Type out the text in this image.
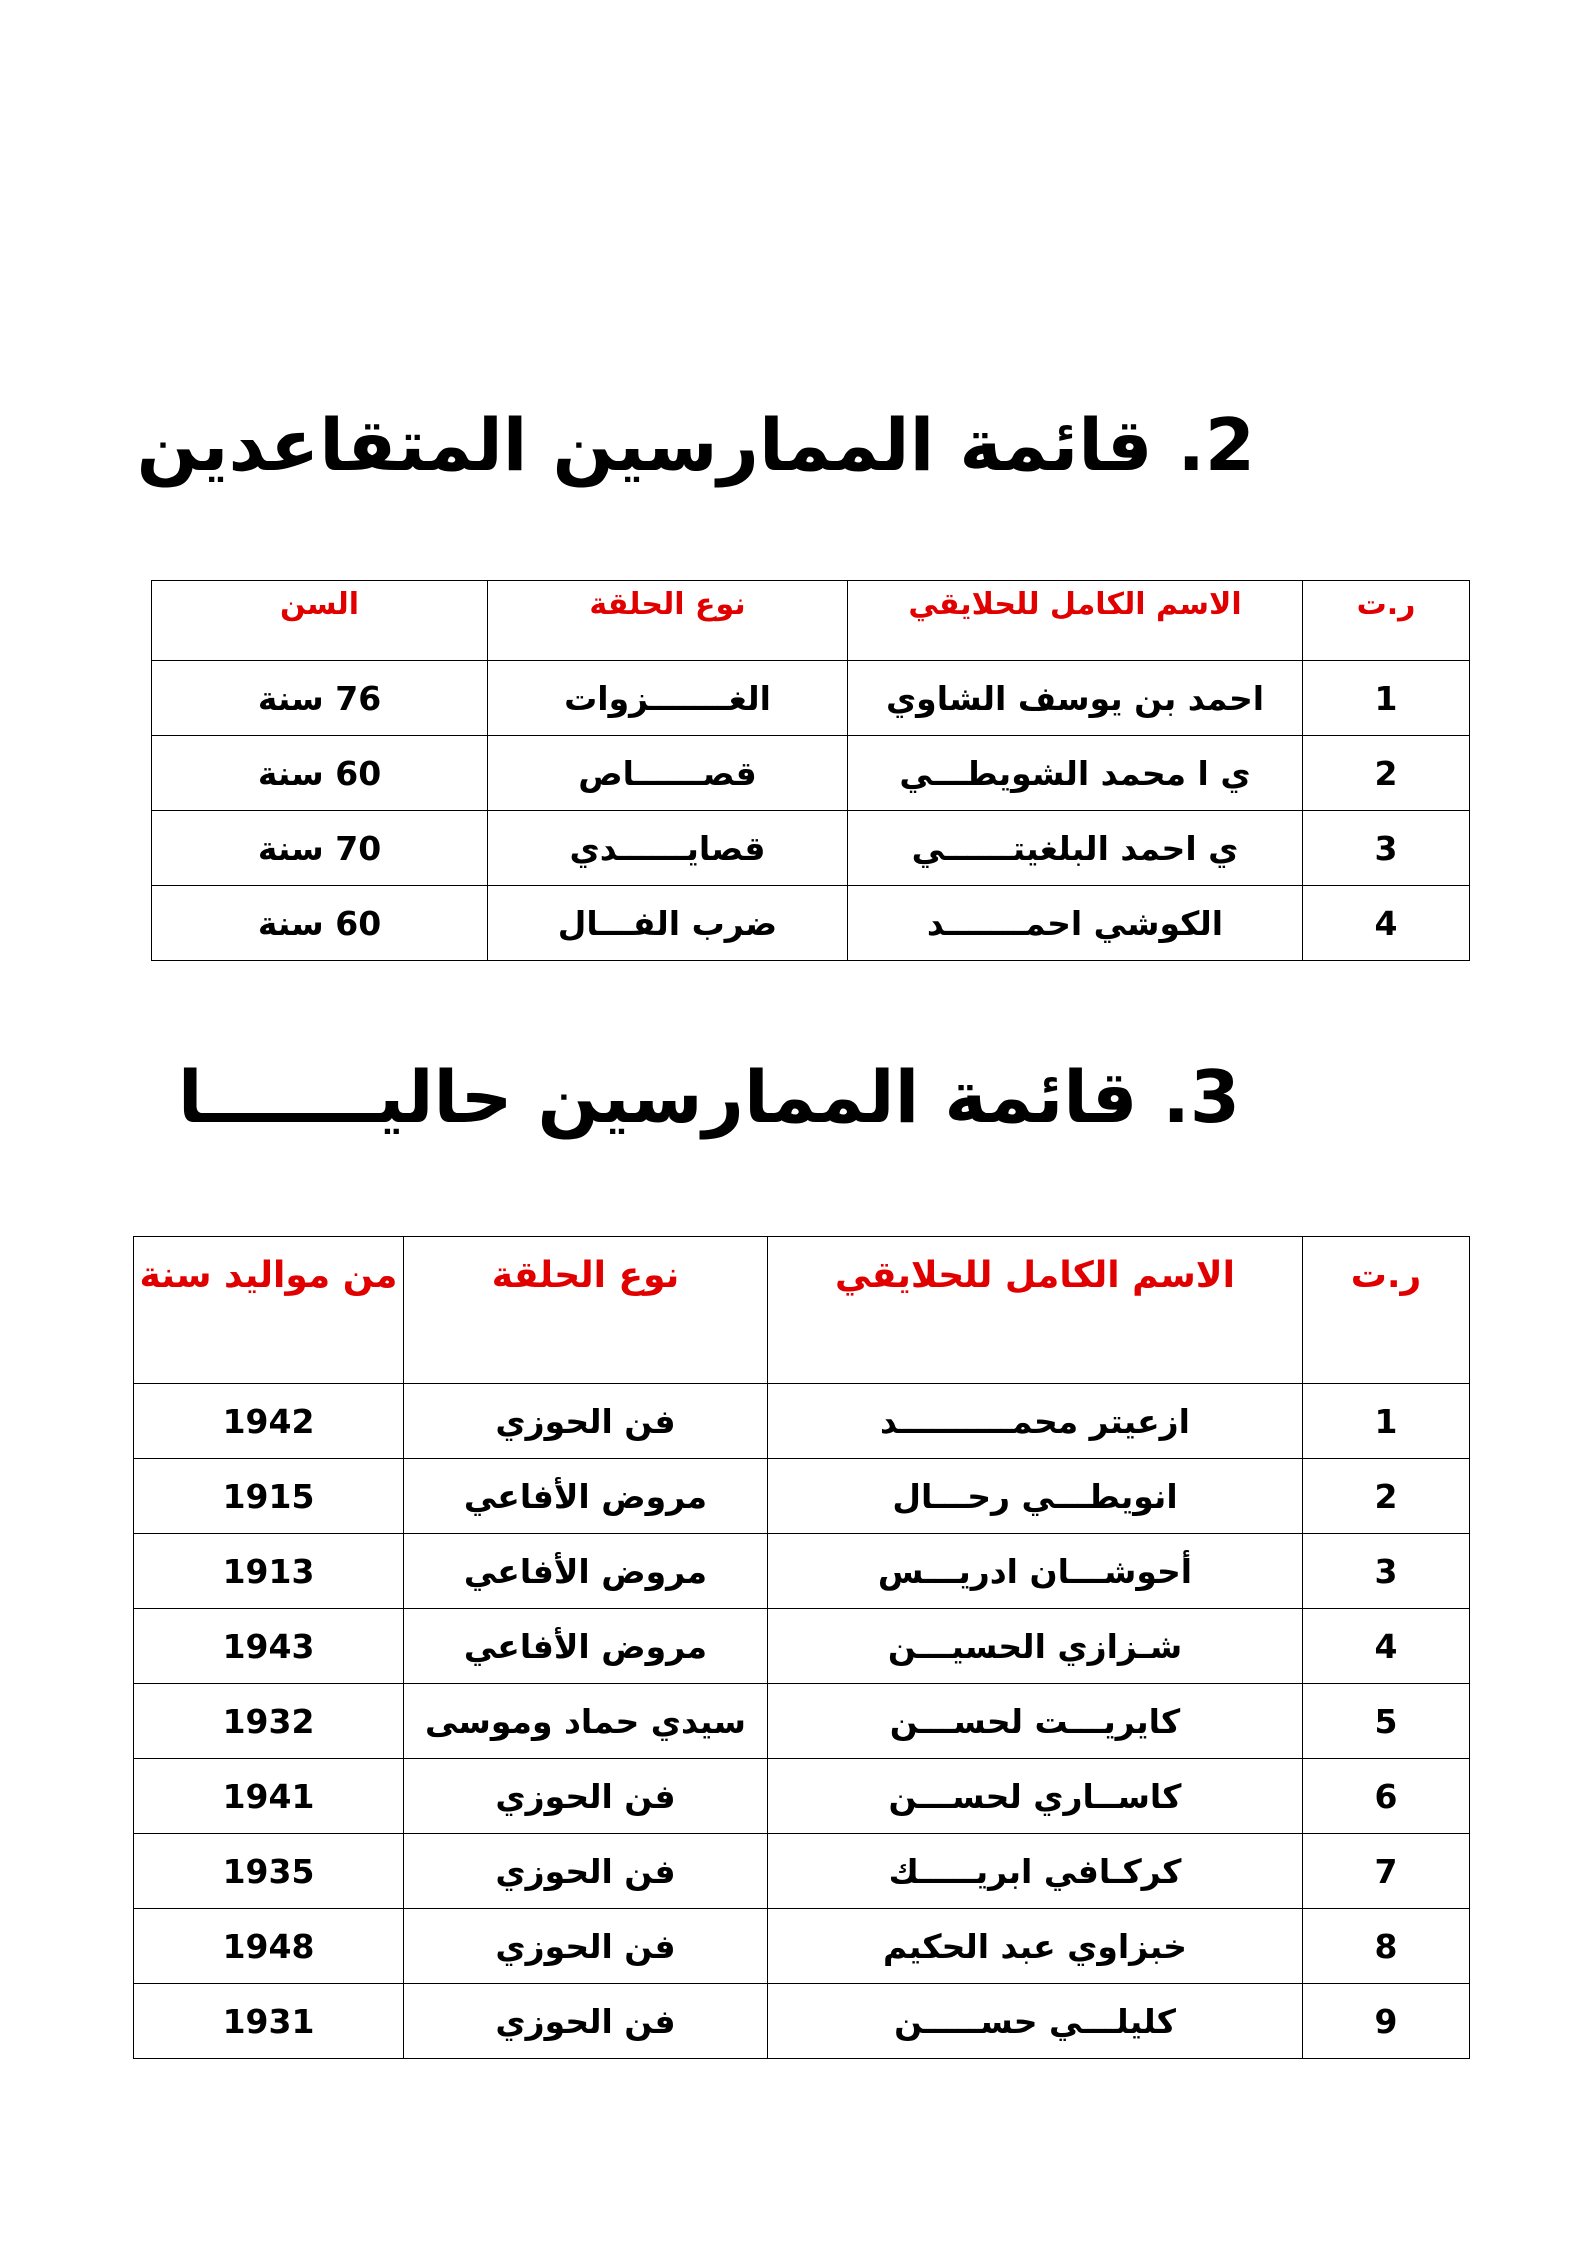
2. قائمة الممارسين المتقاعدين
ر.ت	الاسم الكامل للحلايقي	نوع الحلقة	السن
1	احمد بن يوسف الشاوي	الغـــــــزوات	76 سنة
2	ي ا محمد الشويطـــي	قصــــــاص	60 سنة
3	ي احمد البلغيتــــــي	قصايــــــدي	70 سنة
4	الكوشي احمـــــــد	ضرب الفـــال	60 سنة
3. قائمة الممارسين حاليـــــــا
ر.ت	الاسم الكامل للحلايقي	نوع الحلقة	من مواليد سنة
1	ازعيتر محمــــــــــد	فن الحوزي	1942
2	انويطـــي رحـــال	مروض الأفاعي	1915
3	أحوشـــان ادريـــس	مروض الأفاعي	1913
4	شـزازي الحسيـــن	مروض الأفاعي	1943
5	كايريـــت لحســـن	سيدي حماد وموسى	1932
6	كاســاري لحســـن	فن الحوزي	1941
7	كركـافي ابريـــــك	فن الحوزي	1935
8	خبزاوي عبد الحكيم	فن الحوزي	1948
9	كليلـــي حســـــن	فن الحوزي	1931
